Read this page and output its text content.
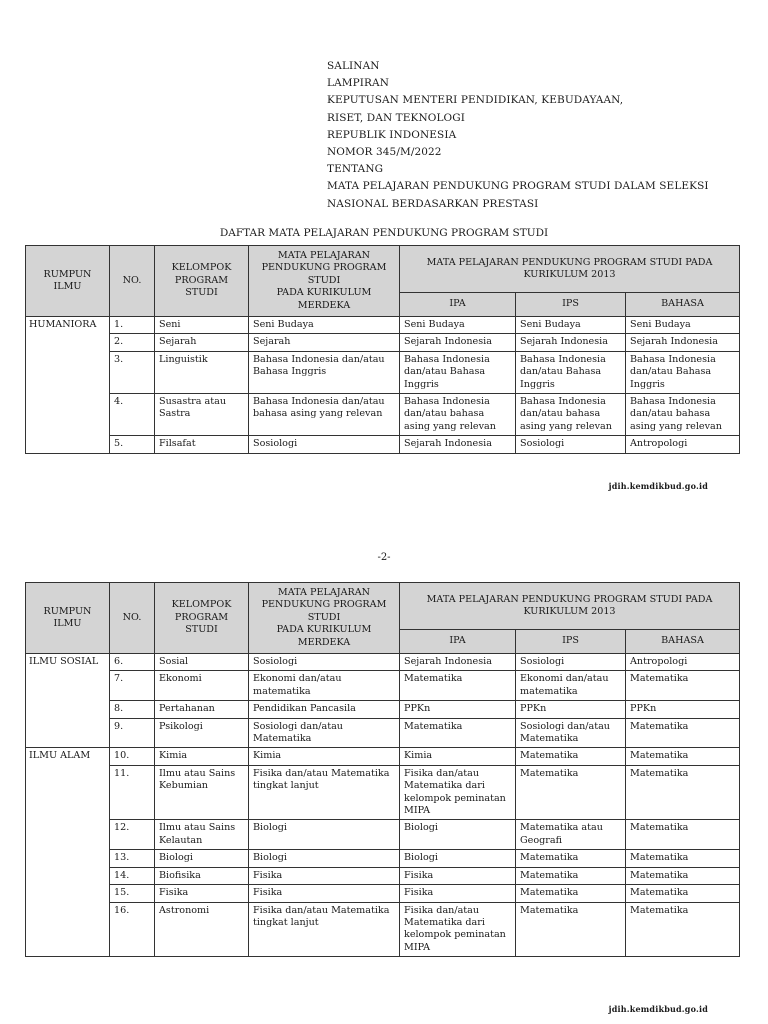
SALINAN
LAMPIRAN
KEPUTUSAN MENTERI PENDIDIKAN, KEBUDAYAAN,
RISET, DAN TEKNOLOGI
REPUBLIK INDONESIA
NOMOR 345/M/2022
TENTANG
MATA PELAJARAN PENDUKUNG PROGRAM STUDI DALAM SELEKSI
NASIONAL BERDASARKAN PRESTASI
DAFTAR MATA PELAJARAN PENDUKUNG PROGRAM STUDI
RUMPUN ILMU	NO.	KELOMPOK PROGRAM STUDI	MATA PELAJARAN PENDUKUNG PROGRAM STUDI
PADA KURIKULUM MERDEKA	MATA PELAJARAN PENDUKUNG PROGRAM STUDI PADA KURIKULUM 2013		
				IPA	IPS	BAHASA
HUMANIORA	1.	Seni	Seni Budaya	Seni Budaya	Seni Budaya	Seni Budaya
	2.	Sejarah	Sejarah	Sejarah Indonesia	Sejarah Indonesia	Sejarah Indonesia
	3.	Linguistik	Bahasa Indonesia dan/atau Bahasa Inggris	Bahasa Indonesia dan/atau Bahasa Inggris	Bahasa Indonesia dan/atau Bahasa Inggris	Bahasa Indonesia dan/atau Bahasa Inggris
	4.	Susastra atau Sastra	Bahasa Indonesia dan/atau bahasa asing yang relevan	Bahasa Indonesia dan/atau bahasa asing yang relevan	Bahasa Indonesia dan/atau bahasa asing yang relevan	Bahasa Indonesia dan/atau bahasa asing yang relevan
	5.	Filsafat	Sosiologi	Sejarah Indonesia	Sosiologi	Antropologi
jdih.kemdikbud.go.id
-2-
RUMPUN ILMU	NO.	KELOMPOK PROGRAM STUDI	MATA PELAJARAN PENDUKUNG PROGRAM STUDI
PADA KURIKULUM MERDEKA	MATA PELAJARAN PENDUKUNG PROGRAM STUDI PADA KURIKULUM 2013		
				IPA	IPS	BAHASA
ILMU SOSIAL	6.	Sosial	Sosiologi	Sejarah Indonesia	Sosiologi	Antropologi
	7.	Ekonomi	Ekonomi dan/atau matematika	Matematika	Ekonomi dan/atau matematika	Matematika
	8.	Pertahanan	Pendidikan Pancasila	PPKn	PPKn	PPKn
	9.	Psikologi	Sosiologi dan/atau Matematika	Matematika	Sosiologi dan/atau Matematika	Matematika
ILMU ALAM	10.	Kimia	Kimia	Kimia	Matematika	Matematika
	11.	Ilmu atau Sains Kebumian	Fisika dan/atau Matematika tingkat lanjut	Fisika dan/atau Matematika dari kelompok peminatan MIPA	Matematika	Matematika
	12.	Ilmu atau Sains Kelautan	Biologi	Biologi	Matematika atau Geografi	Matematika
	13.	Biologi	Biologi	Biologi	Matematika	Matematika
	14.	Biofisika	Fisika	Fisika	Matematika	Matematika
	15.	Fisika	Fisika	Fisika	Matematika	Matematika
	16.	Astronomi	Fisika dan/atau Matematika tingkat lanjut	Fisika dan/atau Matematika dari kelompok peminatan MIPA	Matematika	Matematika
jdih.kemdikbud.go.id
